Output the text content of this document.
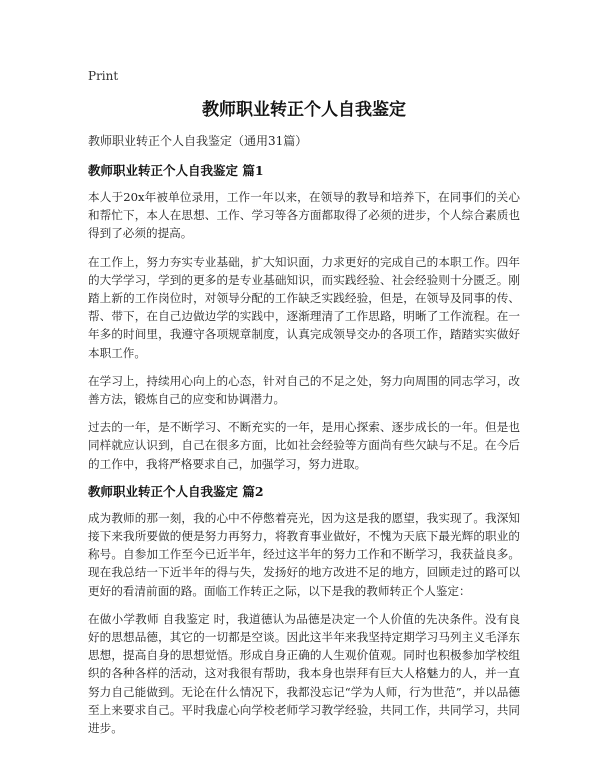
Print
教师职业转正个人自我鉴定
教师职业转正个人自我鉴定（通用31篇）
教师职业转正个人自我鉴定 篇1

本人于20x年被单位录用，工作一年以来，在领导的教导和培养下，在同事们的关心和帮忙下，本人在思想、工作、学习等各方面都取得了必须的进步，个人综合素质也得到了必须的提高。

在工作上，努力夯实专业基础，扩大知识面，力求更好的完成自己的本职工作。四年的大学学习，学到的更多的是专业基础知识，而实践经验、社会经验则十分匮乏。刚踏上新的工作岗位时，对领导分配的工作缺乏实践经验，但是，在领导及同事的传、帮、带下，在自己边做边学的实践中，逐渐理清了工作思路，明晰了工作流程。在一年多的时间里，我遵守各项规章制度，认真完成领导交办的各项工作，踏踏实实做好本职工作。

在学习上，持续用心向上的心态，针对自己的不足之处，努力向周围的同志学习，改善方法，锻炼自己的应变和协调潜力。

过去的一年，是不断学习、不断充实的一年，是用心探索、逐步成长的一年。但是也同样就应认识到，自己在很多方面，比如社会经验等方面尚有些欠缺与不足。在今后的工作中，我将严格要求自己，加强学习，努力进取。

教师职业转正个人自我鉴定 篇2

成为教师的那一刻，我的心中不停憋着亮光，因为这是我的愿望，我实现了。我深知接下来我所要做的便是努力再努力，将教育事业做好，不愧为天底下最光辉的职业的称号。自参加工作至今已近半年，经过这半年的努力工作和不断学习，我获益良多。现在我总结一下近半年的得与失，发扬好的地方改进不足的地方，回顾走过的路可以更好的看清前面的路。面临工作转正之际，以下是我的教师转正个人鉴定：

在做小学教师 自我鉴定 时，我道德认为品德是决定一个人价值的先决条件。没有良好的思想品德，其它的一切都是空谈。因此这半年来我坚持定期学习马列主义毛泽东思想，提高自身的思想觉悟。形成自身正确的人生观价值观。同时也积极参加学校组织的各种各样的活动，这对我很有帮助，我本身也崇拜有巨大人格魅力的人，并一直努力自己能做到。无论在什么情况下，我都没忘记“学为人师，行为世范”，并以品德至上来要求自己。平时我虚心向学校老师学习教学经验，共同工作，共同学习，共同进步。
